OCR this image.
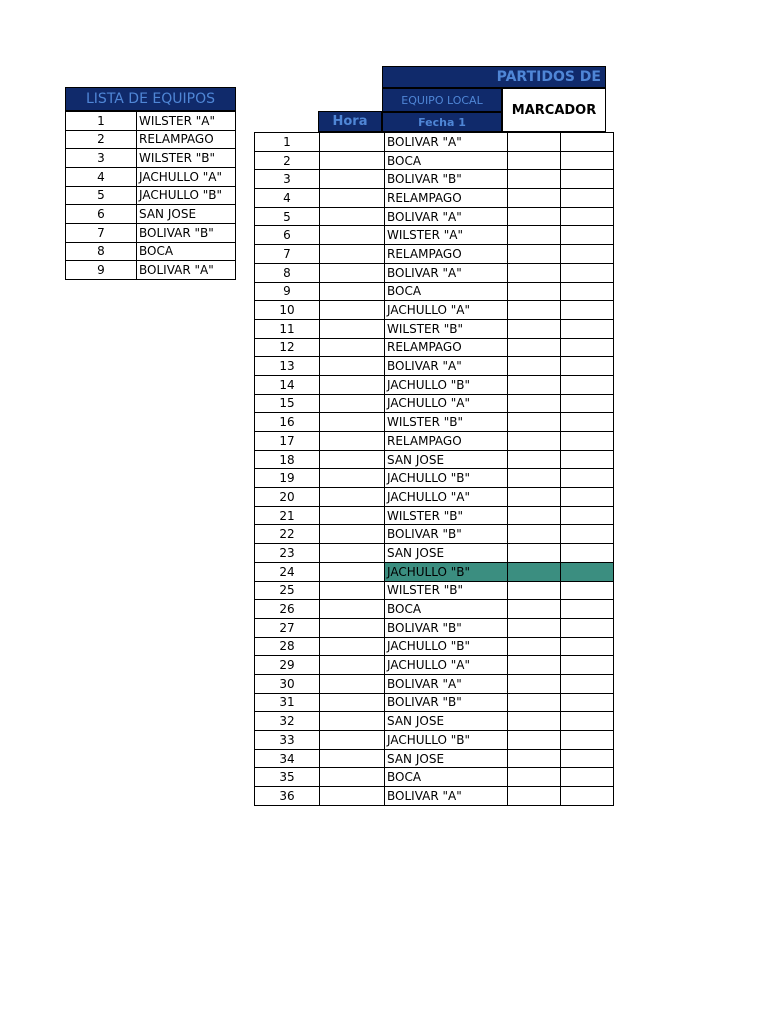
LISTA DE EQUIPOS
1	WILSTER "A"
2	RELAMPAGO
3	WILSTER "B"
4	JACHULLO "A"
5	JACHULLO "B"
6	SAN JOSE
7	BOLIVAR "B"
8	BOCA
9	BOLIVAR "A"
PARTIDOS DE
EQUIPO LOCAL
MARCADOR
Hora	Fecha 1
1		BOLIVAR "A"		
2		BOCA		
3		BOLIVAR "B"		
4		RELAMPAGO		
5		BOLIVAR "A"		
6		WILSTER "A"		
7		RELAMPAGO		
8		BOLIVAR "A"		
9		BOCA		
10		JACHULLO "A"		
11		WILSTER "B"		
12		RELAMPAGO		
13		BOLIVAR "A"		
14		JACHULLO "B"		
15		JACHULLO "A"		
16		WILSTER "B"		
17		RELAMPAGO		
18		SAN JOSE		
19		JACHULLO "B"		
20		JACHULLO "A"		
21		WILSTER "B"		
22		BOLIVAR "B"		
23		SAN JOSE		
24		JACHULLO "B"		
25		WILSTER "B"		
26		BOCA		
27		BOLIVAR "B"		
28		JACHULLO "B"		
29		JACHULLO "A"		
30		BOLIVAR "A"		
31		BOLIVAR "B"		
32		SAN JOSE		
33		JACHULLO "B"		
34		SAN JOSE		
35		BOCA		
36		BOLIVAR "A"		
